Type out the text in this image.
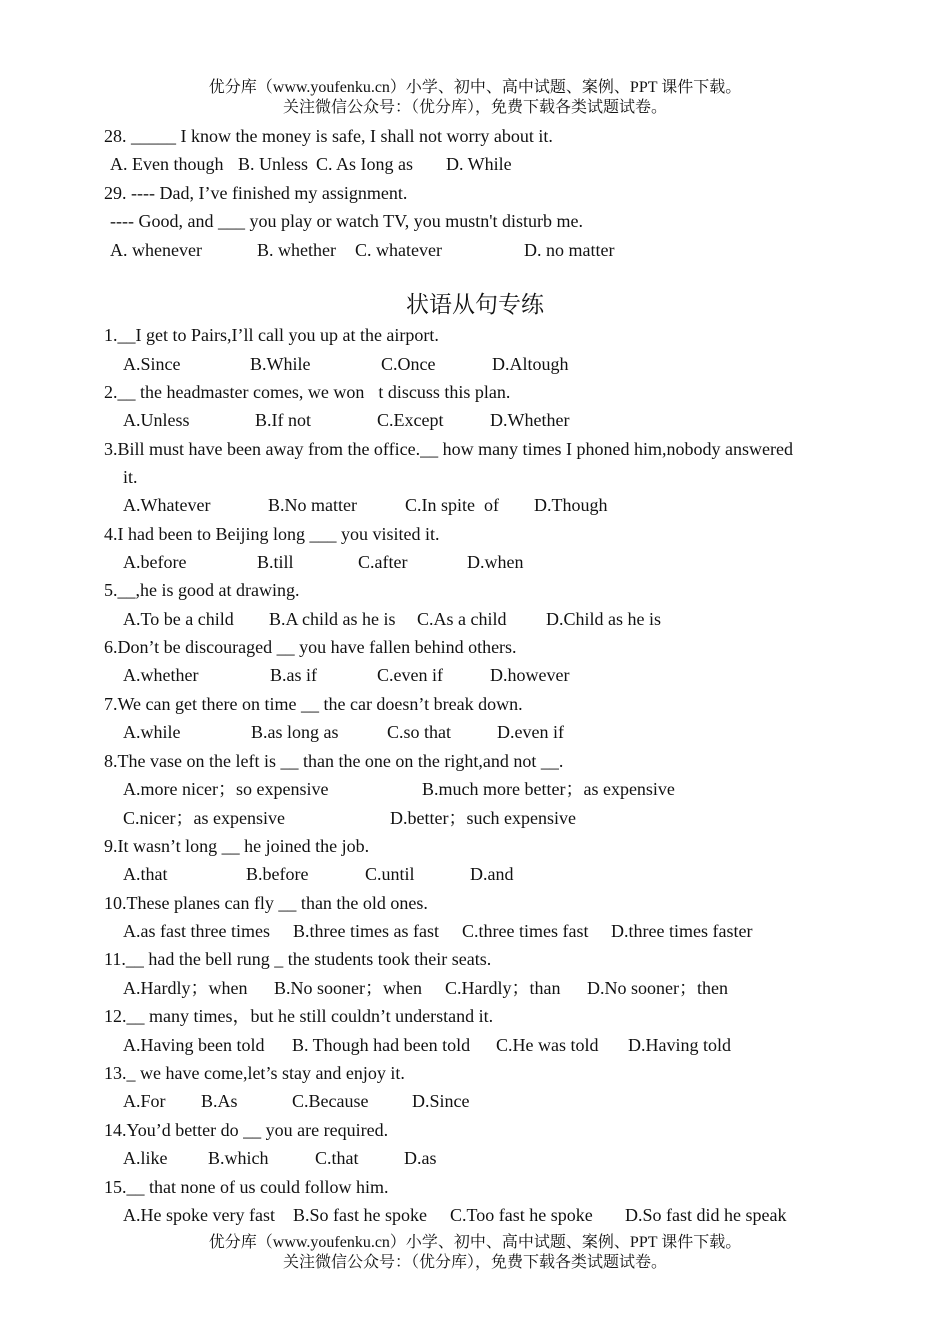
优分库（www.youfenku.cn）小学、初中、高中试题、案例、PPT 课件下载。
关注微信公众号：（优分库），免费下载各类试题试卷。
28. _____ I know the money is safe, I shall not worry about it.
A. Even though B. Unless C. As Iong as D. While
29. ---- Dad, I’ve finished my assignment.
---- Good, and ___ you play or watch TV, you mustn't disturb me.
A. whenever	B. whether C. whatever	D. no matter
状语从句专练
1.__I get to Pairs,I’ll call you up at the airport.
A.Since	B.While	C.Once	D.Altough
2.__ the headmaster comes, we won t discuss this plan.
A.Unless	B.If not	C.Except	D.Whether
3.Bill must have been away from the office.__ how many times I phoned him,nobody answered
it.
A.Whatever	B.No matter	C.In spite  of D.Though
4.I had been to Beijing long ___ you visited it.
A.before	B.till	C.after	D.when
5.__,he is good at drawing.
A.To be a child B.A child as he is C.As a child D.Child as he is
6.Don’t be discouraged __ you have fallen behind others.
A.whether	B.as if	C.even if	D.however
7.We can get there on time __ the car doesn’t break down.
A.while	B.as long as	C.so that	D.even if
8.The vase on the left is __ than the one on the right,and not __.
A.more nicer；so expensive	B.much more better；as expensive
C.nicer；as expensive	D.better；such expensive
9.It wasn’t long __ he joined the job.
A.that	B.before	C.until	D.and
10.These planes can fly __ than the old ones.
A.as fast three times B.three times as fast C.three times fast D.three times faster
11.__ had the bell rung _ the students took their seats.
A.Hardly；when B.No sooner；when C.Hardly；than D.No sooner；then
12.__ many times，but he still couldn’t understand it.
A.Having been told B. Though had been told C.He was told D.Having told
13._ we have come,let’s stay and enjoy it.
A.For B.As	C.Because D.Since
14.You’d better do __ you are required.
A.like B.which	C.that	D.as
15.__ that none of us could follow him.
A.He spoke very fast B.So fast he spoke C.Too fast he spoke D.So fast did he speak
优分库（www.youfenku.cn）小学、初中、高中试题、案例、PPT 课件下载。
关注微信公众号：（优分库），免费下载各类试题试卷。
